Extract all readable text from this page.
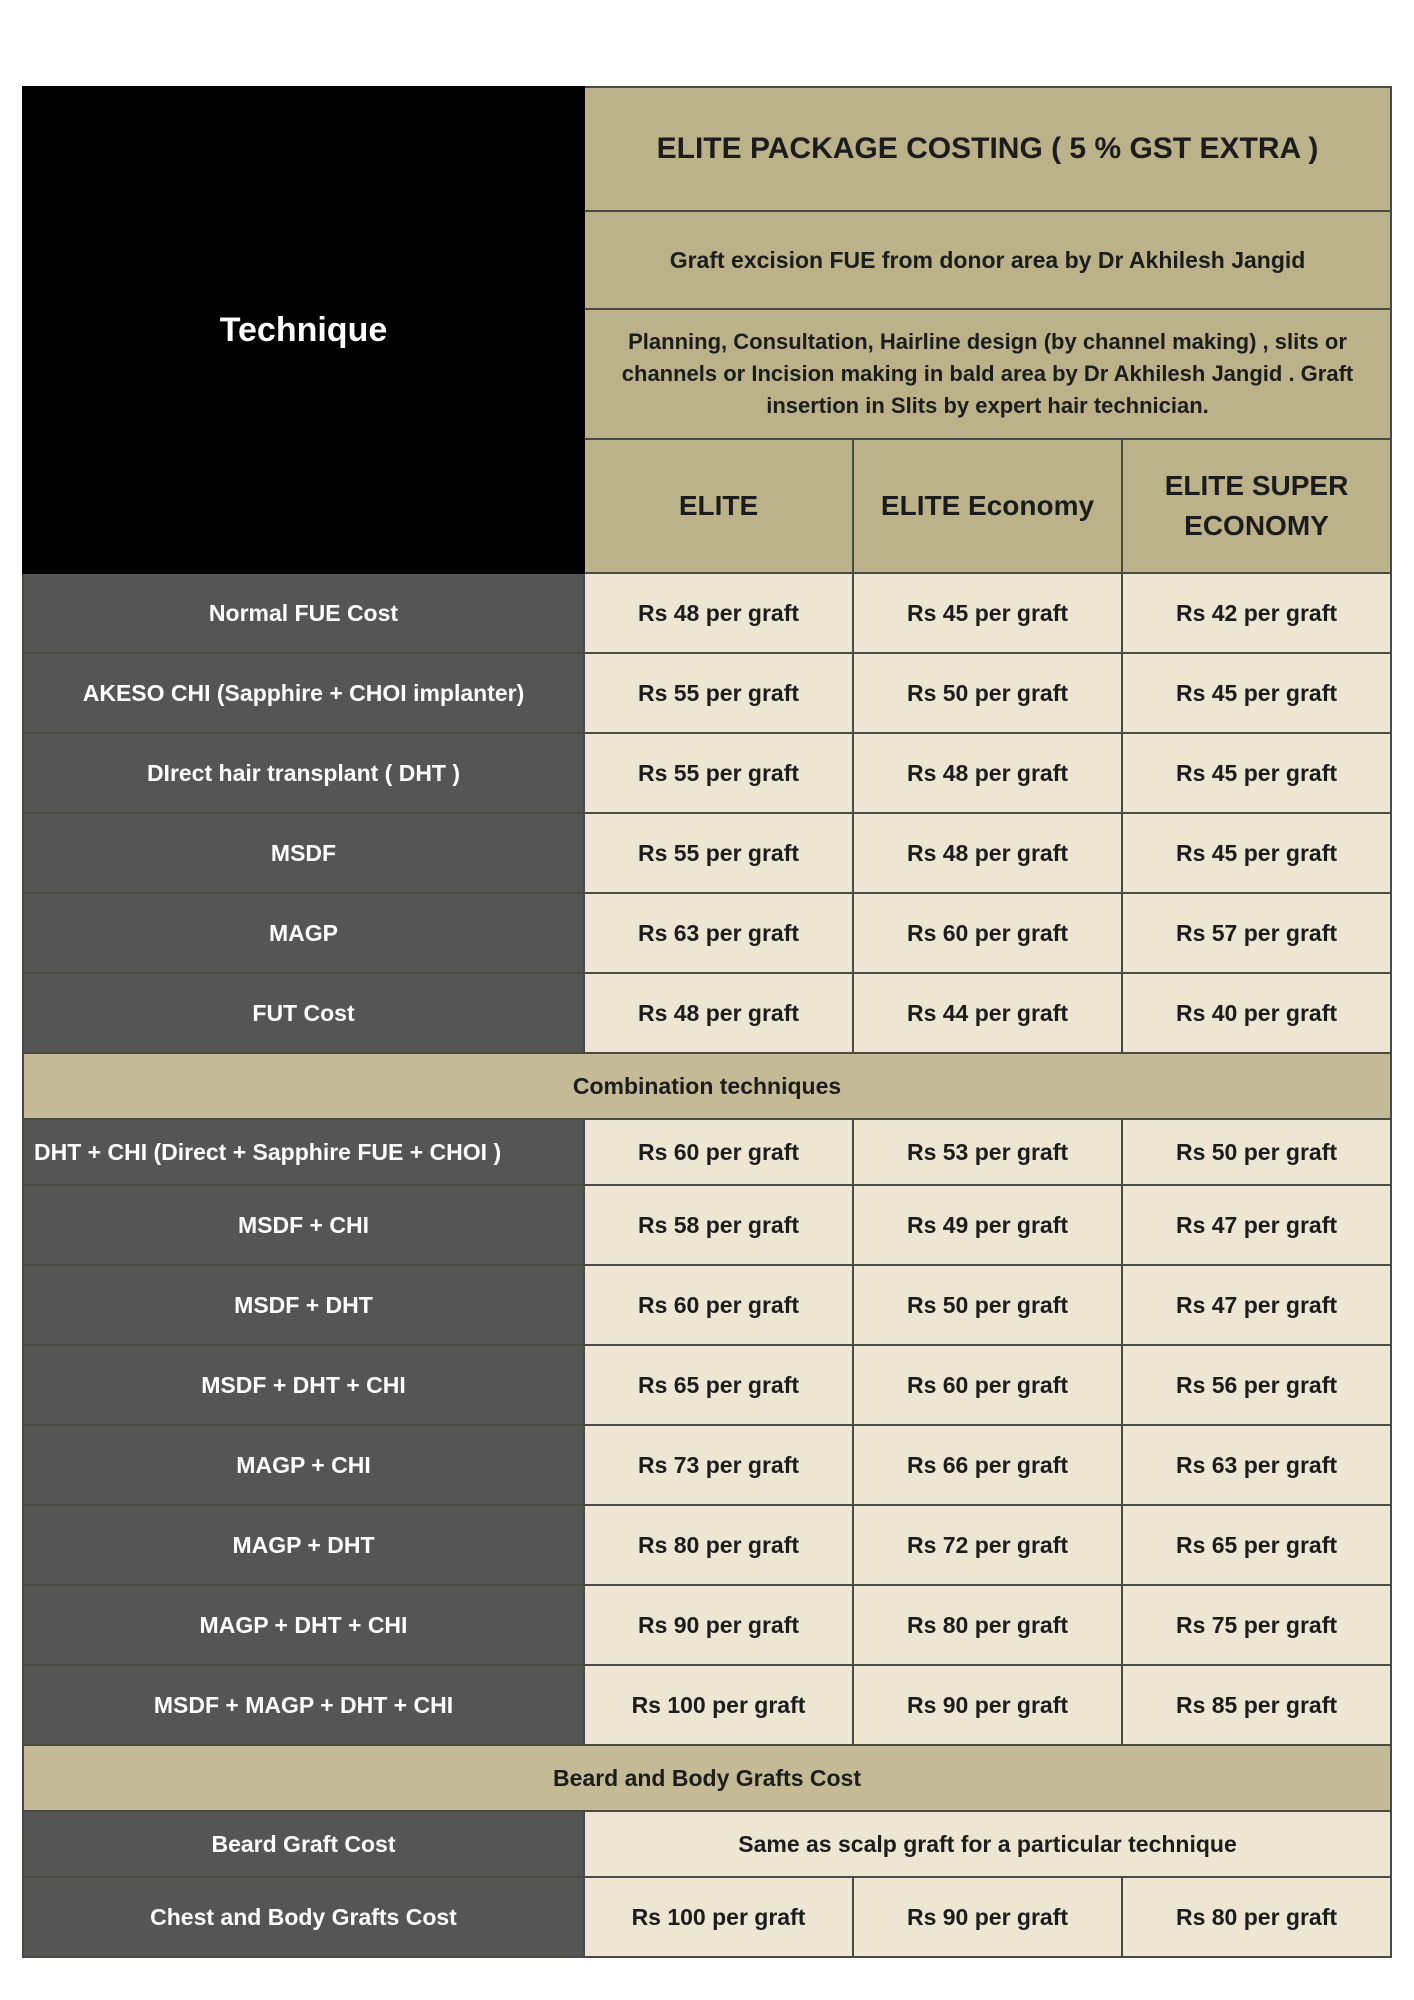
Technique	ELITE PACKAGE COSTING ( 5 % GST EXTRA )		
	Graft excision FUE from donor area by Dr Akhilesh Jangid		
	Planning, Consultation, Hairline design (by channel making) , slits or channels or Incision making in bald area by Dr Akhilesh Jangid . Graft insertion in Slits by expert hair technician.		
	ELITE	ELITE Economy	ELITE SUPER ECONOMY
Normal FUE Cost	Rs 48 per graft	Rs 45 per graft	Rs 42 per graft
AKESO CHI (Sapphire + CHOI implanter)	Rs 55 per graft	Rs 50 per graft	Rs 45 per graft
DIrect hair transplant ( DHT )	Rs 55 per graft	Rs 48 per graft	Rs 45 per graft
MSDF	Rs 55 per graft	Rs 48 per graft	Rs 45 per graft
MAGP	Rs 63 per graft	Rs 60 per graft	Rs 57 per graft
FUT Cost	Rs 48 per graft	Rs 44 per graft	Rs 40 per graft
Combination techniques			
DHT + CHI (Direct + Sapphire FUE + CHOI )	Rs 60 per graft	Rs 53 per graft	Rs 50 per graft
MSDF + CHI	Rs 58 per graft	Rs 49 per graft	Rs 47 per graft
MSDF + DHT	Rs 60 per graft	Rs 50 per graft	Rs 47 per graft
MSDF + DHT + CHI	Rs 65 per graft	Rs 60 per graft	Rs 56 per graft
MAGP + CHI	Rs 73 per graft	Rs 66 per graft	Rs 63 per graft
MAGP + DHT	Rs 80 per graft	Rs 72 per graft	Rs 65 per graft
MAGP + DHT + CHI	Rs 90 per graft	Rs 80 per graft	Rs 75 per graft
MSDF + MAGP + DHT + CHI	Rs 100 per graft	Rs 90 per graft	Rs 85 per graft
Beard and Body Grafts Cost			
Beard Graft Cost	Same as scalp graft for a particular technique		
Chest and Body Grafts Cost	Rs 100 per graft	Rs 90 per graft	Rs 80 per graft
